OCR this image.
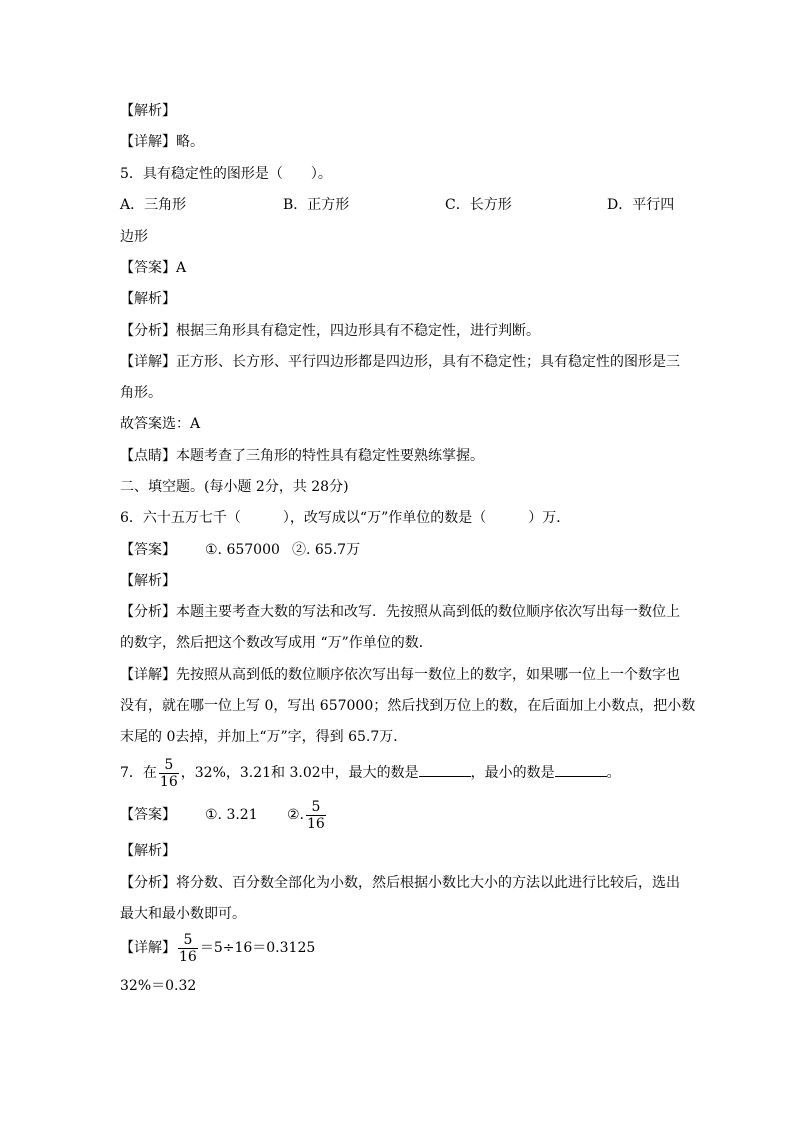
【解析】
【详解】略。
5．具有稳定性的图形是（　　）。
A．三角形	B．正方形	C．长方形	D．平行四
边形
【答案】A
【解析】
【分析】根据三角形具有稳定性，四边形具有不稳定性，进行判断。
【详解】正方形、长方形、平行四边形都是四边形，具有不稳定性；具有稳定性的图形是三
角形。
故答案选：A
【点睛】本题考查了三角形的特性具有稳定性要熟练掌握。
二、填空题。(每小题 2分，共 28分)
6．六十五万七千（　　　），改写成以“万”作单位的数是（　　　）万．
【答案】 ①. 657000 ②. 65.7万
【解析】
【分析】本题主要考查大数的写法和改写．先按照从高到低的数位顺序依次写出每一数位上
的数字，然后把这个数改写成用 “万”作单位的数．
【详解】先按照从高到低的数位顺序依次写出每一数位上的数字，如果哪一位上一个数字也
没有，就在哪一位上写 0，写出 657000；然后找到万位上的数，在后面加上小数点，把小数
末尾的 0去掉，并加上“万”字，得到 65.7万．
7．在 $\frac{5}{16}$ ，32%，3.21和 3.02中，最大的数是	，最小的数是	。
【答案】 ①. 3.21 ②. $\frac{5}{16}$
【解析】
【分析】将分数、百分数全部化为小数，然后根据小数比大小的方法以此进行比较后，选出
最大和最小数即可。
【详解】 $\frac{5}{16} =5\div 16=0.3125$
32%＝0.32
